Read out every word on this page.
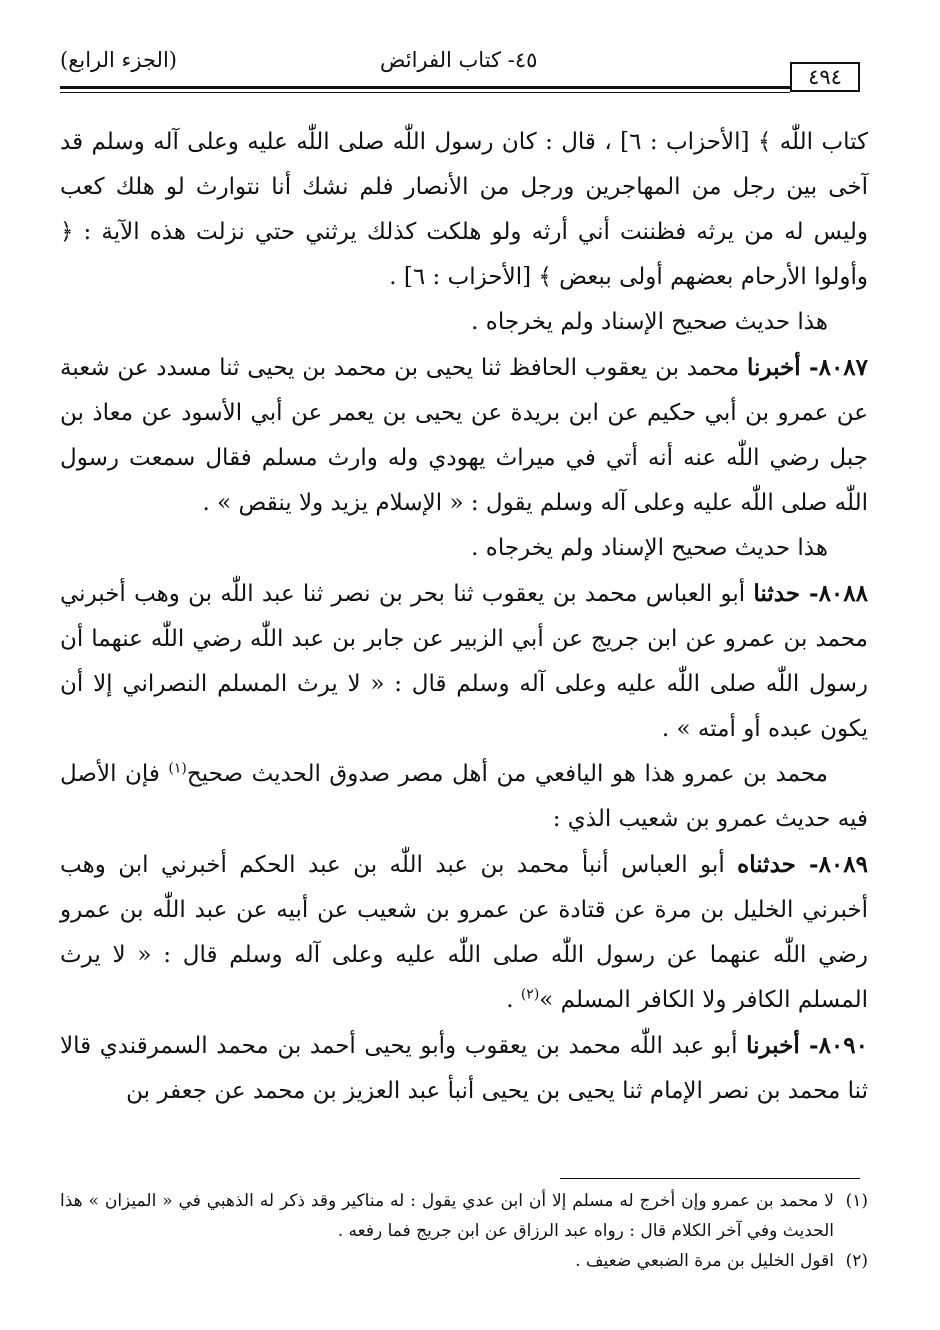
(الجزء الرابع)	٤٥- كتاب الفرائض
٤٩٤

كتاب اللّٰه ﴾ [الأحزاب : ٦] ، قال : كان رسول اللّٰه صلى اللّٰه عليه وعلى آله وسلم قد آخى بين رجل من المهاجرين ورجل من الأنصار فلم نشك أنا نتوارث لو هلك كعب وليس له من يرثه فظننت أني أرثه ولو هلكت كذلك يرثني حتي نزلت هذه الآية : ﴿ وأولوا الأرحام بعضهم أولى ببعض ﴾ [الأحزاب : ٦] .

هذا حديث صحيح الإسناد ولم يخرجاه .

٨٠٨٧- أخبرنا محمد بن يعقوب الحافظ ثنا يحيى بن محمد بن يحيى ثنا مسدد عن شعبة عن عمرو بن أبي حكيم عن ابن بريدة عن يحيى بن يعمر عن أبي الأسود عن معاذ بن جبل رضي اللّٰه عنه أنه أتي في ميراث يهودي وله وارث مسلم فقال سمعت رسول اللّٰه صلى اللّٰه عليه وعلى آله وسلم يقول : « الإسلام يزيد ولا ينقص » .

هذا حديث صحيح الإسناد ولم يخرجاه .

٨٠٨٨- حدثنا أبو العباس محمد بن يعقوب ثنا بحر بن نصر ثنا عبد اللّٰه بن وهب أخبرني محمد بن عمرو عن ابن جريج عن أبي الزبير عن جابر بن عبد اللّٰه رضي اللّٰه عنهما أن رسول اللّٰه صلى اللّٰه عليه وعلى آله وسلم قال : « لا يرث المسلم النصراني إلا أن يكون عبده أو أمته » .

محمد بن عمرو هذا هو اليافعي من أهل مصر صدوق الحديث صحيح$^{(١)}$ فإن الأصل فيه حديث عمرو بن شعيب الذي :

٨٠٨٩- حدثناه أبو العباس أنبأ محمد بن عبد اللّٰه بن عبد الحكم أخبرني ابن وهب أخبرني الخليل بن مرة عن قتادة عن عمرو بن شعيب عن أبيه عن عبد اللّٰه بن عمرو رضي اللّٰه عنهما عن رسول اللّٰه صلى اللّٰه عليه وعلى آله وسلم قال : « لا يرث المسلم الكافر ولا الكافر المسلم »$^{(٢)}$ .

٨٠٩٠- أخبرنا أبو عبد اللّٰه محمد بن يعقوب وأبو يحيى أحمد بن محمد السمرقندي قالا ثنا محمد بن نصر الإمام ثنا يحيى بن يحيى أنبأ عبد العزيز بن محمد عن جعفر بن

(١)
لا محمد بن عمرو وإن أخرج له مسلم إلا أن ابن عدي يقول : له مناكير وقد ذكر له الذهبي في « الميزان » هذا الحديث وفي آخر الكلام قال : رواه عبد الرزاق عن ابن جريج فما رفعه .

(٢)
اقول الخليل بن مرة الضبعي ضعيف .
